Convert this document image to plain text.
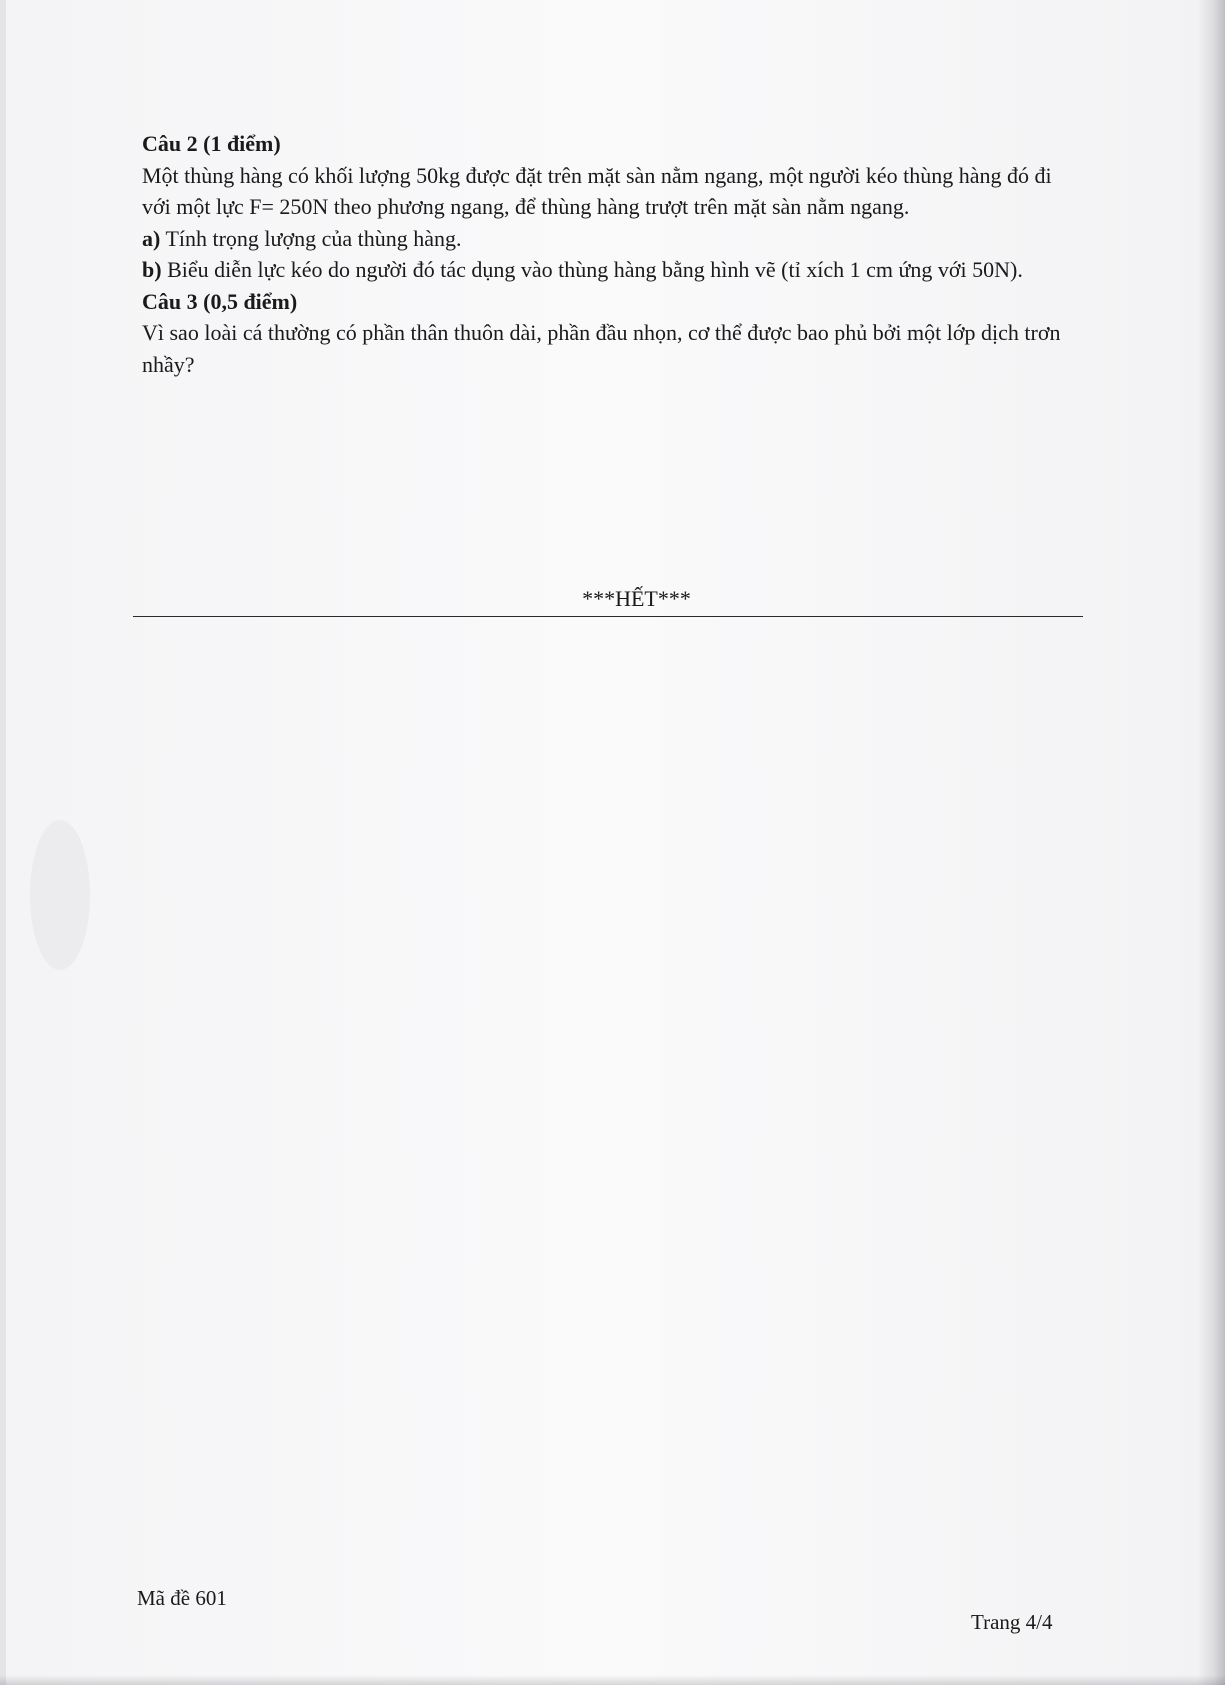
Câu 2 (1 điểm)

Một thùng hàng có khối lượng 50kg được đặt trên mặt sàn nằm ngang, một người kéo thùng hàng đó đi với một lực F= 250N theo phương ngang, để thùng hàng trượt trên mặt sàn nằm ngang.

a) Tính trọng lượng của thùng hàng.

b) Biểu diễn lực kéo do người đó tác dụng vào thùng hàng bằng hình vẽ (tỉ xích 1 cm ứng với 50N).

Câu 3 (0,5 điểm)

Vì sao loài cá thường có phần thân thuôn dài, phần đầu nhọn, cơ thể được bao phủ bởi một lớp dịch trơn nhầy?

***HẾT***
Mã đề 601
Trang 4/4
